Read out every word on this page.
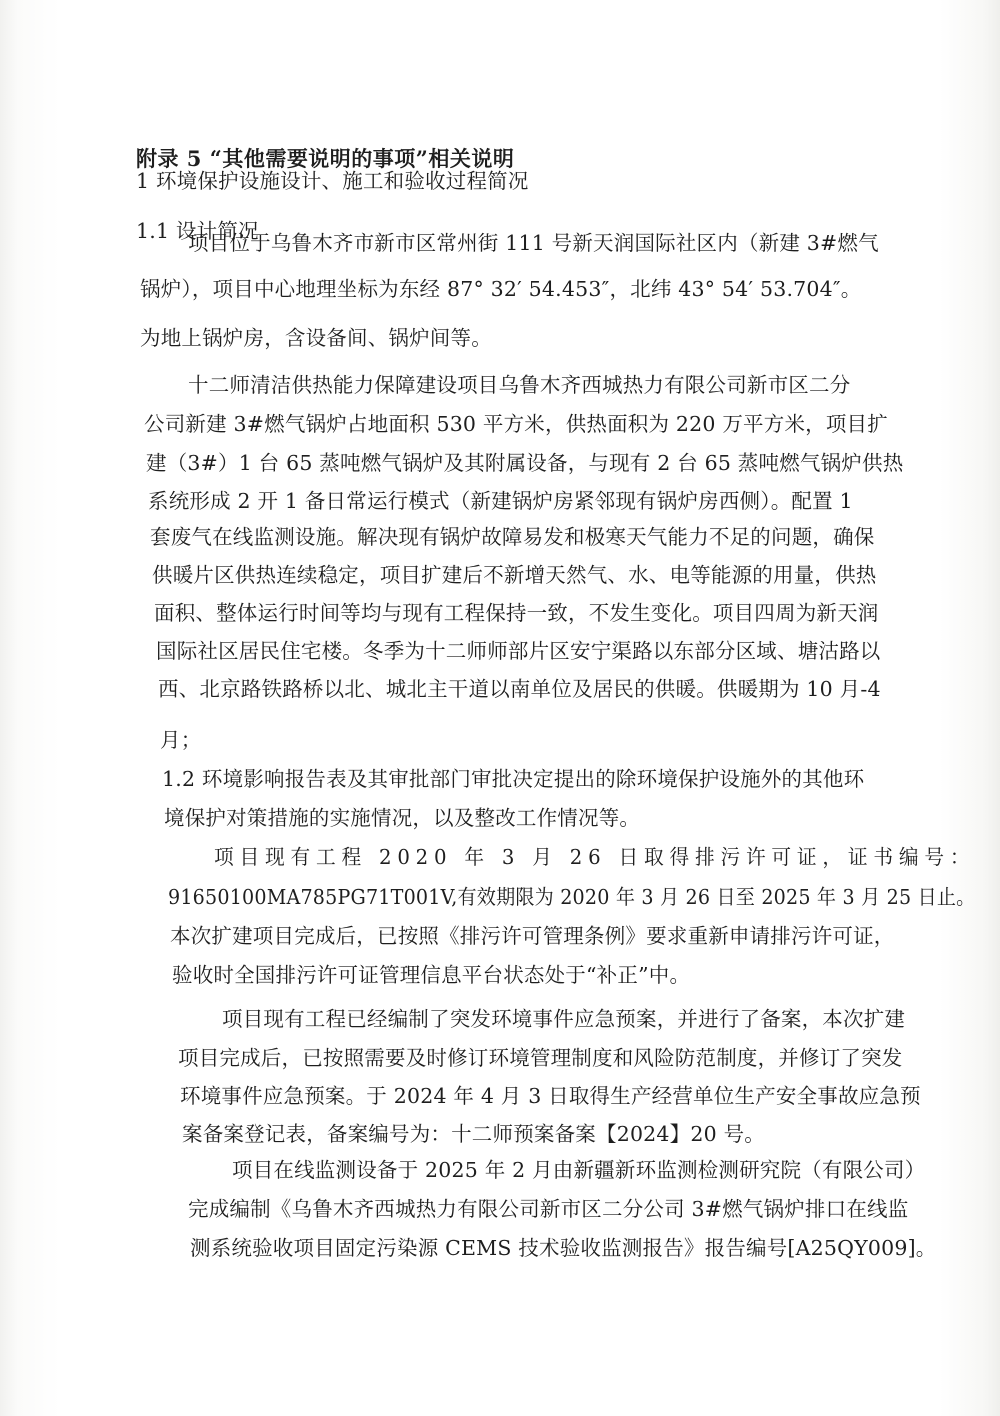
附录 5 “其他需要说明的事项”相关说明
1 环境保护设施设计、施工和验收过程简况
1.1 设计简况
项目位于乌鲁木齐市新市区常州街 111 号新天润国际社区内（新建 3#燃气
锅炉），项目中心地理坐标为东经 87° 32′ 54.453″，北纬 43° 54′ 53.704″。
为地上锅炉房，含设备间、锅炉间等。
十二师清洁供热能力保障建设项目乌鲁木齐西城热力有限公司新市区二分
公司新建 3#燃气锅炉占地面积 530 平方米，供热面积为 220 万平方米，项目扩
建（3#）1 台 65 蒸吨燃气锅炉及其附属设备，与现有 2 台 65 蒸吨燃气锅炉供热
系统形成 2 开 1 备日常运行模式（新建锅炉房紧邻现有锅炉房西侧）。配置 1
套废气在线监测设施。解决现有锅炉故障易发和极寒天气能力不足的问题，确保
供暖片区供热连续稳定，项目扩建后不新增天然气、水、电等能源的用量，供热
面积、整体运行时间等均与现有工程保持一致，不发生变化。项目四周为新天润
国际社区居民住宅楼。冬季为十二师师部片区安宁渠路以东部分区域、塘沽路以
西、北京路铁路桥以北、城北主干道以南单位及居民的供暖。供暖期为 10 月-4
月；
1.2 环境影响报告表及其审批部门审批决定提出的除环境保护设施外的其他环
境保护对策措施的实施情况，以及整改工作情况等。
项目现有工程 2020 年 3 月 26 日取得排污许可证，证书编号：
91650100MA785PG71T001V,有效期限为 2020 年 3 月 26 日至 2025 年 3 月 25 日止。
本次扩建项目完成后，已按照《排污许可管理条例》要求重新申请排污许可证，
验收时全国排污许可证管理信息平台状态处于“补正”中。
项目现有工程已经编制了突发环境事件应急预案，并进行了备案，本次扩建
项目完成后，已按照需要及时修订环境管理制度和风险防范制度，并修订了突发
环境事件应急预案。于 2024 年 4 月 3 日取得生产经营单位生产安全事故应急预
案备案登记表，备案编号为：十二师预案备案【2024】20 号。
项目在线监测设备于 2025 年 2 月由新疆新环监测检测研究院（有限公司）
完成编制《乌鲁木齐西城热力有限公司新市区二分公司 3#燃气锅炉排口在线监
测系统验收项目固定污染源 CEMS 技术验收监测报告》报告编号[A25QY009]。
